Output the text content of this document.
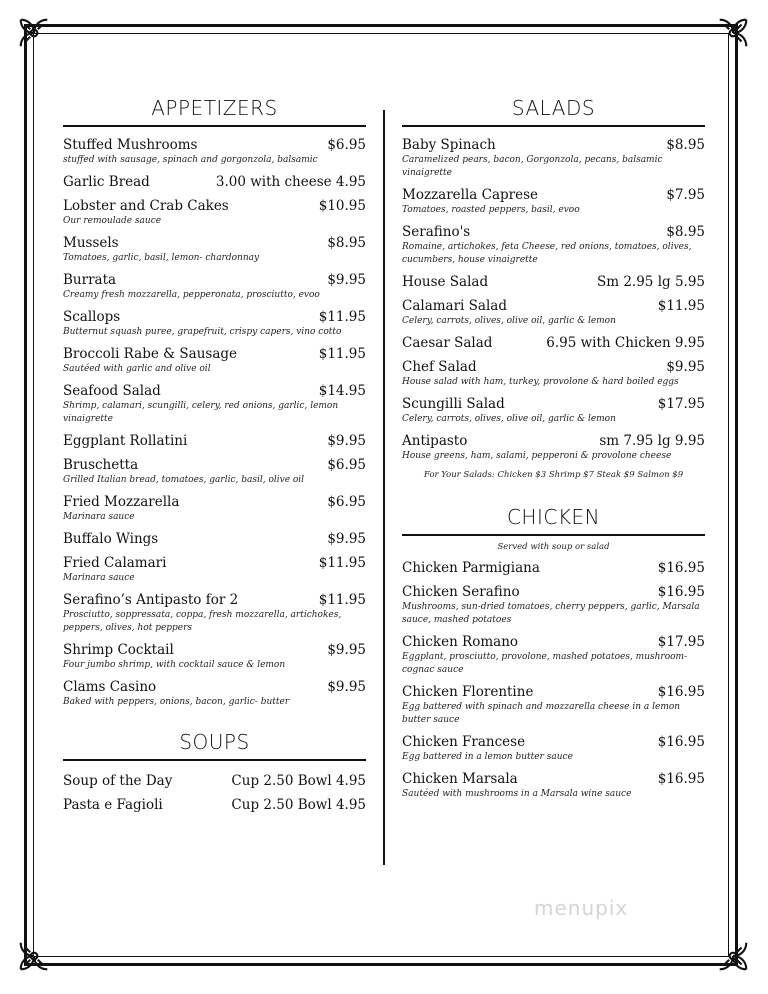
APPETIZERS
Stuffed Mushrooms	$6.95
stuffed with sausage, spinach and gorgonzola, balsamic
Garlic Bread	3.00 with cheese 4.95
Lobster and Crab Cakes	$10.95
Our remoulade sauce
Mussels	$8.95
Tomatoes, garlic, basil, lemon- chardonnay
Burrata	$9.95
Creamy fresh mozzarella, pepperonata, prosciutto, evoo
Scallops	$11.95
Butternut squash puree, grapefruit, crispy capers, vino cotto
Broccoli Rabe & Sausage	$11.95
Sautéed with garlic and olive oil
Seafood Salad	$14.95
Shrimp, calamari, scungilli, celery, red onions, garlic, lemon vinaigrette
Eggplant Rollatini	$9.95
Bruschetta	$6.95
Grilled Italian bread, tomatoes, garlic, basil, olive oil
Fried Mozzarella	$6.95
Marinara sauce
Buffalo Wings	$9.95
Fried Calamari	$11.95
Marinara sauce
Serafino’s Antipasto for 2	$11.95
Prosciutto, soppressata, coppa, fresh mozzarella, artichokes, peppers, olives, hot peppers
Shrimp Cocktail	$9.95
Four jumbo shrimp, with cocktail sauce & lemon
Clams Casino	$9.95
Baked with peppers, onions, bacon, garlic- butter
SOUPS
Soup of the Day	Cup 2.50 Bowl 4.95
Pasta e Fagioli	Cup 2.50 Bowl 4.95
SALADS
Baby Spinach	$8.95
Caramelized pears, bacon, Gorgonzola, pecans, balsamic vinaigrette
Mozzarella Caprese	$7.95
Tomatoes, roasted peppers, basil, evoo
Serafino's	$8.95
Romaine, artichokes, feta Cheese, red onions, tomatoes, olives, cucumbers, house vinaigrette
House Salad	Sm 2.95 lg 5.95
Calamari Salad	$11.95
Celery, carrots, olives, olive oil, garlic & lemon
Caesar Salad	6.95 with Chicken 9.95
Chef Salad	$9.95
House salad with ham, turkey, provolone & hard boiled eggs
Scungilli Salad	$17.95
Celery, carrots, olives, olive oil, garlic & lemon
Antipasto	sm 7.95 lg 9.95
House greens, ham, salami, pepperoni & provolone cheese
For Your Salads: Chicken $3 Shrimp $7 Steak $9 Salmon $9
CHICKEN
Served with soup or salad
Chicken Parmigiana	$16.95
Chicken Serafino	$16.95
Mushrooms, sun-dried tomatoes, cherry peppers, garlic, Marsala sauce, mashed potatoes
Chicken Romano	$17.95
Eggplant, prosciutto, provolone, mashed potatoes, mushroom-cognac sauce
Chicken Florentine	$16.95
Egg battered with spinach and mozzarella cheese in a lemon butter sauce
Chicken Francese	$16.95
Egg battered in a lemon butter sauce
Chicken Marsala	$16.95
Sautéed with mushrooms in a Marsala wine sauce
menupix
